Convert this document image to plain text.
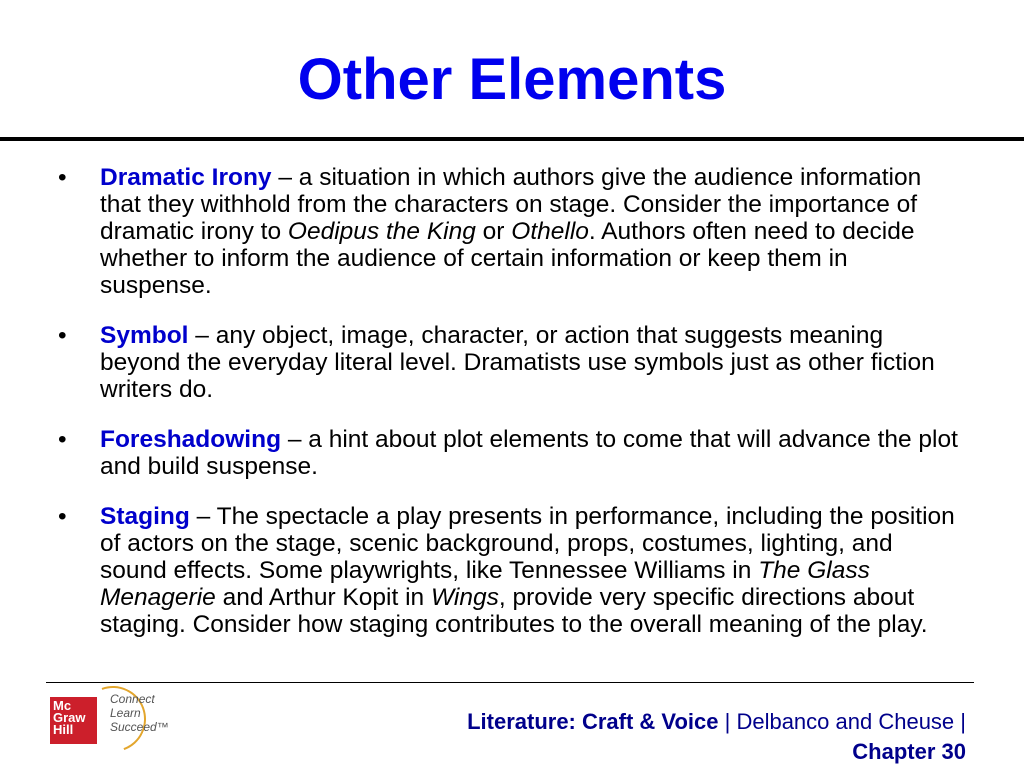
Other Elements
•	Dramatic Irony – a situation in which authors give the audience information that they withhold from the characters on stage. Consider the importance of dramatic irony to Oedipus the King or Othello. Authors often need to decide whether to inform the audience of certain information or keep them in suspense.
•	Symbol – any object, image, character, or action that suggests meaning beyond the everyday literal level. Dramatists use symbols just as other fiction writers do.
•	Foreshadowing – a hint about plot elements to come that will advance the plot and build suspense.
•	Staging – The spectacle a play presents in performance, including the position of actors on the stage, scenic background, props, costumes, lighting, and sound effects. Some playwrights, like Tennessee Williams in The Glass Menagerie and Arthur Kopit in Wings, provide very specific directions about staging. Consider how staging contributes to the overall meaning of the play.
Mc
Graw
Hill
Connect
Learn
Succeed™	Literature: Craft & Voice | Delbanco and Cheuse |
Chapter 30
